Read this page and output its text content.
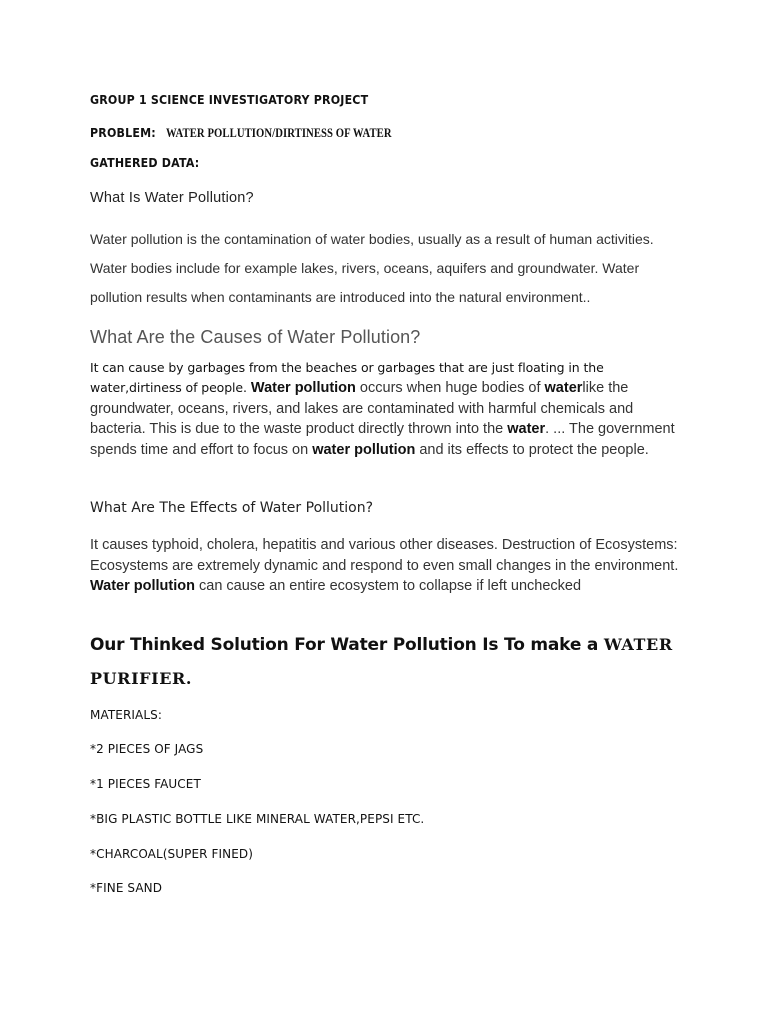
GROUP 1 SCIENCE INVESTIGATORY PROJECT
PROBLEM: WATER POLLUTION/DIRTINESS OF WATER
GATHERED DATA:
What Is Water Pollution?
Water pollution is the contamination of water bodies, usually as a result of human activities.
Water bodies include for example lakes, rivers, oceans, aquifers and groundwater. Water
pollution results when contaminants are introduced into the natural environment..
What Are the Causes of Water Pollution?
It can cause by garbages from the beaches or garbages that are just floating in the
water,dirtiness of people. Water pollution occurs when huge bodies of waterlike the groundwater, oceans, rivers, and lakes are contaminated with harmful chemicals and bacteria. This is due to the waste product directly thrown into the water. ... The government spends time and effort to focus on water pollution and its effects to protect the people.
What Are The Effects of Water Pollution?
It causes typhoid, cholera, hepatitis and various other diseases. Destruction of Ecosystems: Ecosystems are extremely dynamic and respond to even small changes in the environment. Water pollution can cause an entire ecosystem to collapse if left unchecked
Our Thinked Solution For Water Pollution Is To make a WATER
PURIFIER.
MATERIALS:
*2 PIECES OF JAGS
*1 PIECES FAUCET
*BIG PLASTIC BOTTLE LIKE MINERAL WATER,PEPSI ETC.
*CHARCOAL(SUPER FINED)
*FINE SAND
